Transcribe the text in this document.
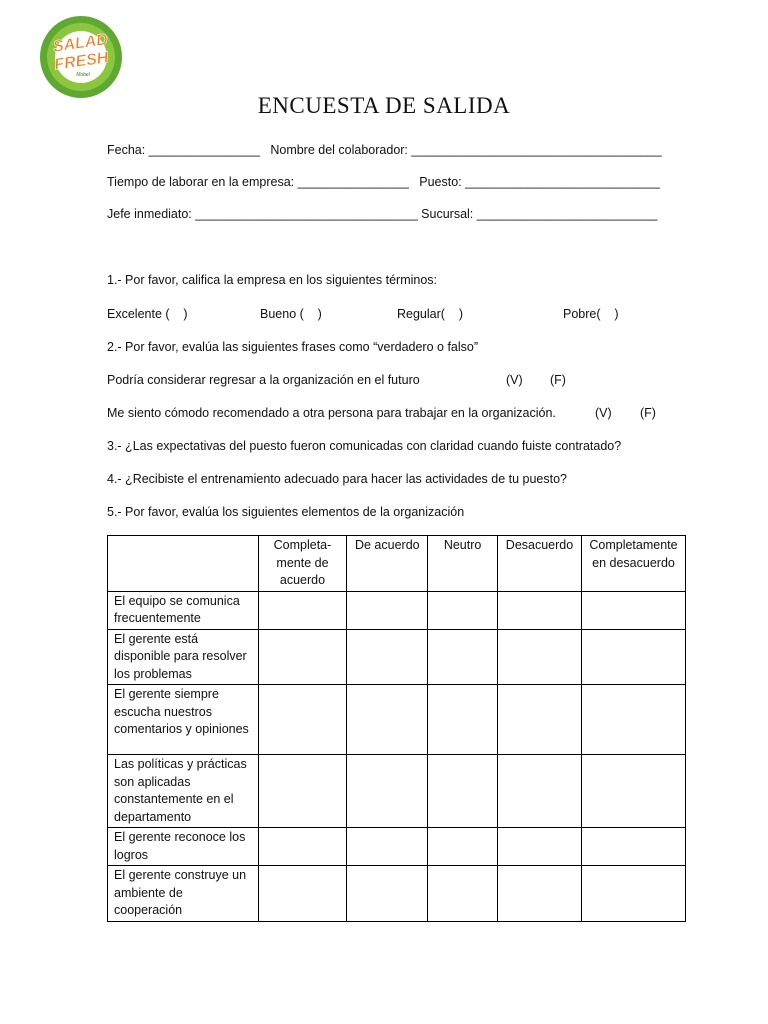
SALAD
FRESH
Mobel
ENCUESTA DE SALIDA
Fecha: ________________   Nombre del colaborador: ____________________________________
Tiempo de laborar en la empresa: ________________   Puesto: ____________________________
Jefe inmediato: ________________________________ Sucursal: __________________________
1.- Por favor, califica la empresa en los siguientes términos:

Excelente (    )

	Bueno (    )

	Regular(    )

	Pobre(    )

2.- Por favor, evalúa las siguientes frases como “verdadero o falso”

Podría considerar regresar a la organización en el futuro

	(V)

(F)

Me siento cómodo recomendado a otra persona para trabajar en la organización.

	(V)

(F)

3.- ¿Las expectativas del puesto fueron comunicadas con claridad cuando fuiste contratado?
4.- ¿Recibiste el entrenamiento adecuado para hacer las actividades de tu puesto?
5.- Por favor, evalúa los siguientes elementos de la organización
	Completa-mente de acuerdo	De acuerdo	Neutro	Desacuerdo	Completamente en desacuerdo
El equipo se comunica frecuentemente					
El gerente está disponible para resolver los problemas					
El gerente siempre escucha nuestros comentarios y opiniones					
Las políticas y prácticas son aplicadas constantemente en el departamento					
El gerente reconoce los logros					
El gerente construye un ambiente de cooperación					
